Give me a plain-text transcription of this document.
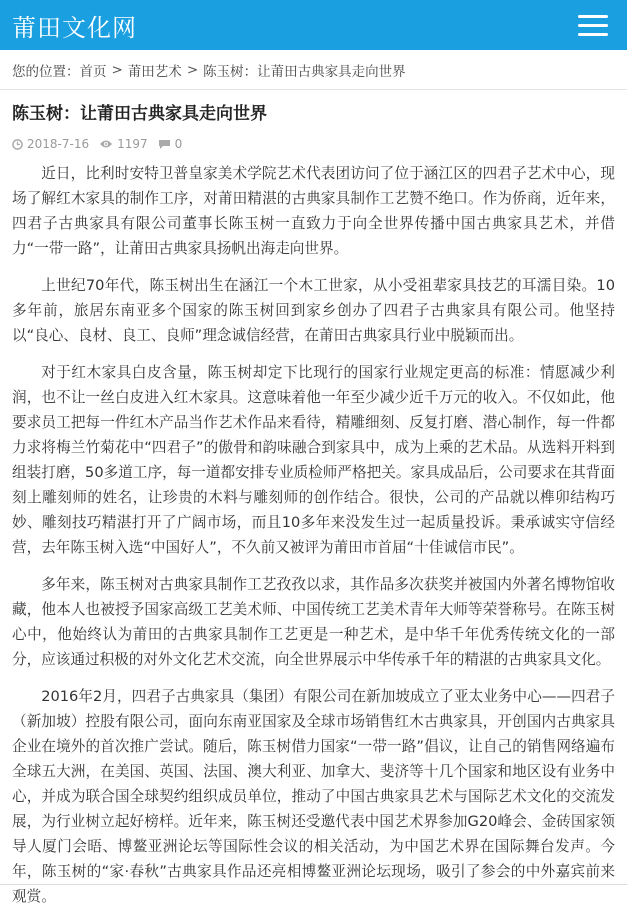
莆田文化网
您的位置： 首页 > 莆田艺术 > 陈玉树：让莆田古典家具走向世界
陈玉树：让莆田古典家具走向世界
2018-7-16 1197 0

近日，比利时安特卫普皇家美术学院艺术代表团访问了位于涵江区的四君子艺术中心，现场了解红木家具的制作工序，对莆田精湛的古典家具制作工艺赞不绝口。作为侨商，近年来，四君子古典家具有限公司董事长陈玉树一直致力于向全世界传播中国古典家具艺术，并借力“一带一路”，让莆田古典家具扬帆出海走向世界。

上世纪70年代，陈玉树出生在涵江一个木工世家，从小受祖辈家具技艺的耳濡目染。10多年前，旅居东南亚多个国家的陈玉树回到家乡创办了四君子古典家具有限公司。他坚持以“良心、良材、良工、良师”理念诚信经营，在莆田古典家具行业中脱颖而出。

对于红木家具白皮含量，陈玉树却定下比现行的国家行业规定更高的标准：情愿减少利润，也不让一丝白皮进入红木家具。这意味着他一年至少减少近千万元的收入。不仅如此，他要求员工把每一件红木产品当作艺术作品来看待，精雕细刻、反复打磨、潜心制作，每一件都力求将梅兰竹菊花中“四君子”的傲骨和韵味融合到家具中，成为上乘的艺术品。从选料开料到组装打磨，50多道工序，每一道都安排专业质检师严格把关。家具成品后，公司要求在其背面刻上雕刻师的姓名，让珍贵的木料与雕刻师的创作结合。很快，公司的产品就以榫卯结构巧妙、雕刻技巧精湛打开了广阔市场，而且10多年来没发生过一起质量投诉。秉承诚实守信经营，去年陈玉树入选“中国好人”，不久前又被评为莆田市首届“十佳诚信市民”。

多年来，陈玉树对古典家具制作工艺孜孜以求，其作品多次获奖并被国内外著名博物馆收藏，他本人也被授予国家高级工艺美术师、中国传统工艺美术青年大师等荣誉称号。在陈玉树心中，他始终认为莆田的古典家具制作工艺更是一种艺术，是中华千年优秀传统文化的一部分，应该通过积极的对外文化艺术交流，向全世界展示中华传承千年的精湛的古典家具文化。

2016年2月，四君子古典家具（集团）有限公司在新加坡成立了亚太业务中心——四君子（新加坡）控股有限公司，面向东南亚国家及全球市场销售红木古典家具，开创国内古典家具企业在境外的首次推广尝试。随后，陈玉树借力国家“一带一路”倡议，让自己的销售网络遍布全球五大洲，在美国、英国、法国、澳大利亚、加拿大、斐济等十几个国家和地区设有业务中心，并成为联合国全球契约组织成员单位，推动了中国古典家具艺术与国际艺术文化的交流发展，为行业树立起好榜样。近年来，陈玉树还受邀代表中国艺术界参加G20峰会、金砖国家领导人厦门会晤、博鳌亚洲论坛等国际性会议的相关活动，为中国艺术界在国际舞台发声。今年，陈玉树的“家·春秋”古典家具作品还亮相博鳌亚洲论坛现场，吸引了参会的中外嘉宾前来观赏。
